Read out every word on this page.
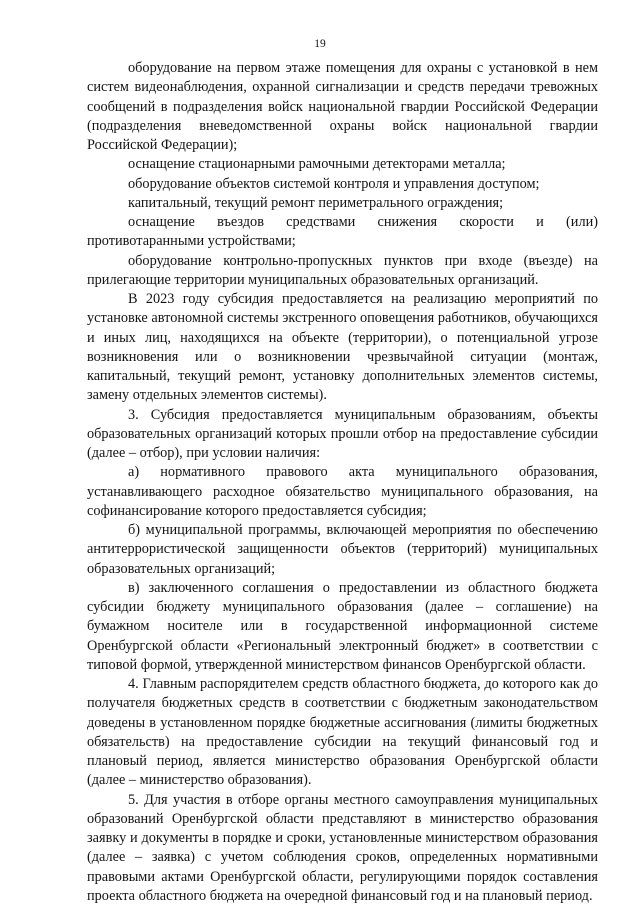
19

оборудование на первом этаже помещения для охраны с установкой в нем систем видеонаблюдения, охранной сигнализации и средств передачи тревожных сообщений в подразделения войск национальной гвардии Российской Федерации (подразделения вневедомственной охраны войск национальной гвардии Российской Федерации);

оснащение стационарными рамочными детекторами металла;

оборудование объектов системой контроля и управления доступом;

капитальный, текущий ремонт периметрального ограждения;

оснащение въездов средствами снижения скорости и (или) противотаранными устройствами;

оборудование контрольно-пропускных пунктов при входе (въезде) на прилегающие территории муниципальных образовательных организаций.

В 2023 году субсидия предоставляется на реализацию мероприятий по установке автономной системы экстренного оповещения работников, обучающихся и иных лиц, находящихся на объекте (территории), о потенциальной угрозе возникновения или о возникновении чрезвычайной ситуации (монтаж, капитальный, текущий ремонт, установку дополнительных элементов системы, замену отдельных элементов системы).

3. Субсидия предоставляется муниципальным образованиям, объекты образовательных организаций которых прошли отбор на предоставление субсидии (далее – отбор), при условии наличия:

а) нормативного правового акта муниципального образования, устанавливающего расходное обязательство муниципального образования, на софинансирование которого предоставляется субсидия;

б) муниципальной программы, включающей мероприятия по обеспечению антитеррористической защищенности объектов (территорий) муниципальных образовательных организаций;

в) заключенного соглашения о предоставлении из областного бюджета субсидии бюджету муниципального образования (далее – соглашение) на бумажном носителе или в государственной информационной системе Оренбургской области «Региональный электронный бюджет» в соответствии с типовой формой, утвержденной министерством финансов Оренбургской области.

4. Главным распорядителем средств областного бюджета, до которого как до получателя бюджетных средств в соответствии с бюджетным законодательством доведены в установленном порядке бюджетные ассигнования (лимиты бюджетных обязательств) на предоставление субсидии на текущий финансовый год и плановый период, является министерство образования Оренбургской области (далее – министерство образования).

5. Для участия в отборе органы местного самоуправления муниципальных образований Оренбургской области представляют в министерство образования заявку и документы в порядке и сроки, установленные министерством образования (далее – заявка) с учетом соблюдения сроков, определенных нормативными правовыми актами Оренбургской области, регулирующими порядок составления проекта областного бюджета на очередной финансовый год и на плановый период.
